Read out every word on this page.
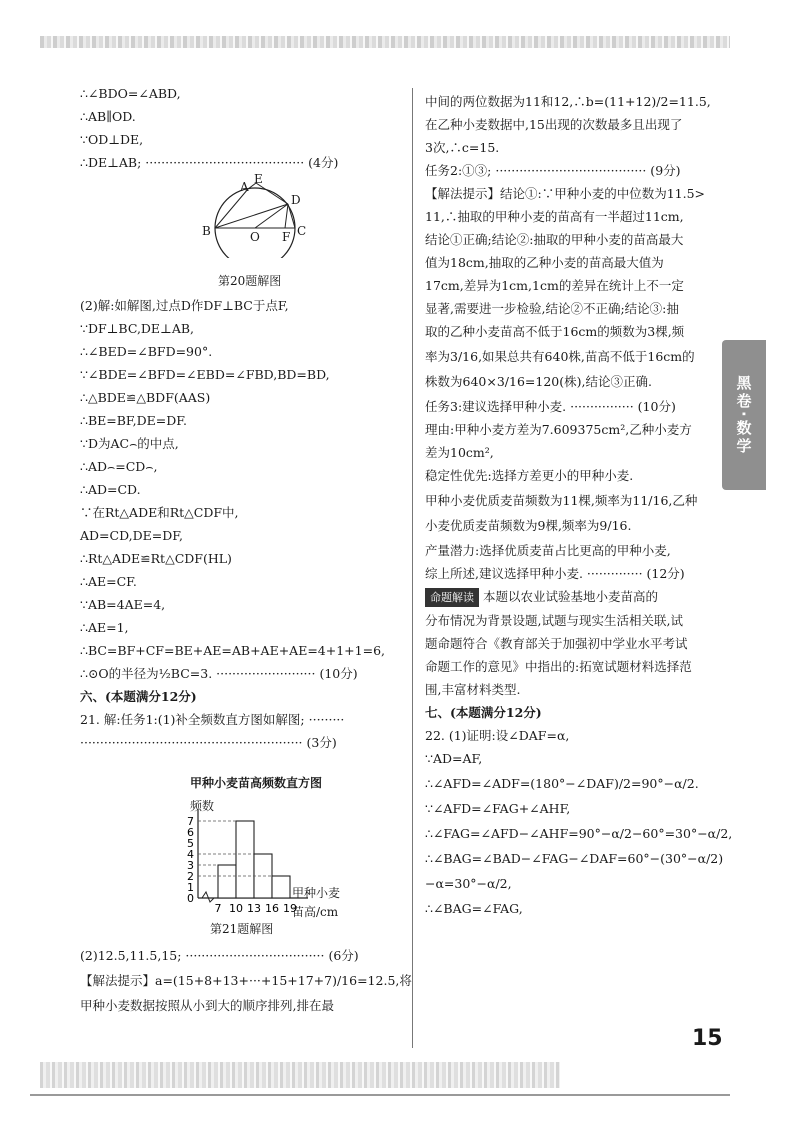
∴∠BDO=∠ABD,
∴AB∥OD.
∵OD⊥DE,
∴DE⊥AB; ········································ (4分)
A
E
D
B	O F C
第20题解图
(2)解:如解图,过点D作DF⊥BC于点F,
∵DF⊥BC,DE⊥AB,
∴∠BED=∠BFD=90°.
∵∠BDE=∠BFD=∠EBD=∠FBD,BD=BD,
∴△BDE≌△BDF(AAS)
∴BE=BF,DE=DF.
∵D为AC⌢的中点,
∴AD⌢=CD⌢,
∴AD=CD.
∵在Rt△ADE和Rt△CDF中,
AD=CD,DE=DF,
∴Rt△ADE≌Rt△CDF(HL)
∴AE=CF.
∵AB=4AE=4,
∴AE=1,
∴BC=BF+CF=BE+AE=AB+AE+AE=4+1+1=6,
∴⊙O的半径为½BC=3. ························· (10分)
六、(本题满分12分)
21. 解:任务1:(1)补全频数直方图如解图; ·········
························································ (3分)
甲种小麦苗高频数直方图
0
1
2
3
4
5
6
7
7 10 13 16 19
频数
甲种小麦
苗高/cm
第21题解图
(2)12.5,11.5,15; ··································· (6分)
【解法提示】a=(15+8+13+···+15+17+7)/16=12.5,将
甲种小麦数据按照从小到大的顺序排列,排在最
中间的两位数据为11和12,∴b=(11+12)/2=11.5,
在乙种小麦数据中,15出现的次数最多且出现了
3次,∴c=15.
任务2:①③; ······································ (9分)
【解法提示】结论①:∵甲种小麦的中位数为11.5>
11,∴抽取的甲种小麦的苗高有一半超过11cm,
结论①正确;结论②:抽取的甲种小麦的苗高最大
值为18cm,抽取的乙种小麦的苗高最大值为
17cm,差异为1cm,1cm的差异在统计上不一定
显著,需要进一步检验,结论②不正确;结论③:抽
取的乙种小麦苗高不低于16cm的频数为3棵,频
率为3/16,如果总共有640株,苗高不低于16cm的
株数为640×3/16=120(株),结论③正确.
任务3:建议选择甲种小麦. ················ (10分)
理由:甲种小麦方差为7.609375cm²,乙种小麦方
差为10cm²,
稳定性优先:选择方差更小的甲种小麦.
甲种小麦优质麦苗频数为11棵,频率为11/16,乙种
小麦优质麦苗频数为9棵,频率为9/16.
产量潜力:选择优质麦苗占比更高的甲种小麦,
综上所述,建议选择甲种小麦. ·············· (12分)
命题解读 本题以农业试验基地小麦苗高的
分布情况为背景设题,试题与现实生活相关联,试
题命题符合《教育部关于加强初中学业水平考试
命题工作的意见》中指出的:拓宽试题材料选择范
围,丰富材料类型.
七、(本题满分12分)
22. (1)证明:设∠DAF=α,
∵AD=AF,
∴∠AFD=∠ADF=(180°−∠DAF)/2=90°−α/2.
∵∠AFD=∠FAG+∠AHF,
∴∠FAG=∠AFD−∠AHF=90°−α/2−60°=30°−α/2,
∴∠BAG=∠BAD−∠FAG−∠DAF=60°−(30°−α/2)
−α=30°−α/2,
∴∠BAG=∠FAG,
黑卷·数学
15
